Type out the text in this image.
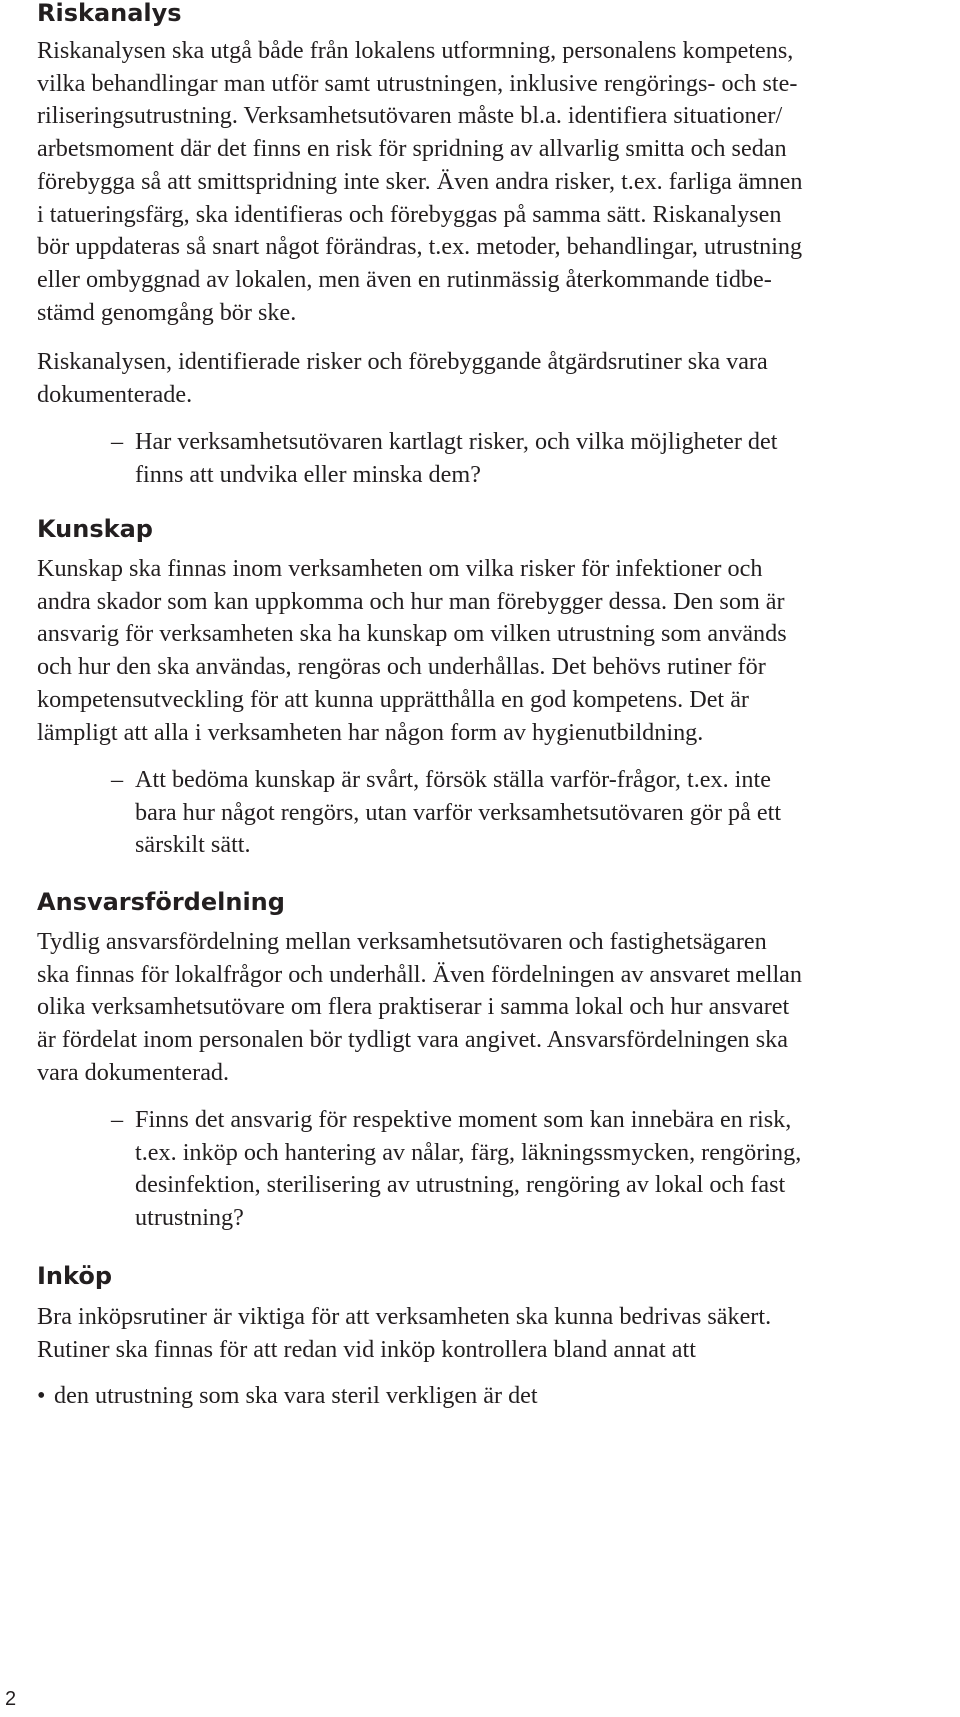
Riskanalys

Riskanalysen ska utgå både från lokalens utformning, personalens kompetens,
vilka behandlingar man utför samt utrustningen, inklusive rengörings- och ste-
riliseringsutrustning. Verksamhetsutövaren måste bl.a. identifiera situationer/
arbetsmoment där det finns en risk för spridning av allvarlig smitta och sedan
förebygga så att smittspridning inte sker. Även andra risker, t.ex. farliga ämnen
i tatueringsfärg, ska identifieras och förebyggas på samma sätt. Riskanalysen
bör uppdateras så snart något förändras, t.ex. metoder, behandlingar, utrustning
eller ombyggnad av lokalen, men även en rutinmässig återkommande tidbe-
stämd genomgång bör ske.

Riskanalysen, identifierade risker och förebyggande åtgärdsrutiner ska vara
dokumenterade.

– Har verksamhetsutövaren kartlagt risker, och vilka möjligheter det
finns att undvika eller minska dem?
Kunskap

Kunskap ska finnas inom verksamheten om vilka risker för infektioner och
andra skador som kan uppkomma och hur man förebygger dessa. Den som är
ansvarig för verksamheten ska ha kunskap om vilken utrustning som används
och hur den ska användas, rengöras och underhållas. Det behövs rutiner för
kompetensutveckling för att kunna upprätthålla en god kompetens. Det är
lämpligt att alla i verksamheten har någon form av hygienutbildning.

– Att bedöma kunskap är svårt, försök ställa varför-frågor, t.ex. inte
bara hur något rengörs, utan varför verksamhetsutövaren gör på ett
särskilt sätt.
Ansvarsfördelning

Tydlig ansvarsfördelning mellan verksamhetsutövaren och fastighetsägaren
ska finnas för lokalfrågor och underhåll. Även fördelningen av ansvaret mellan
olika verksamhetsutövare om flera praktiserar i samma lokal och hur ansvaret
är fördelat inom personalen bör tydligt vara angivet. Ansvarsfördelningen ska
vara dokumenterad.

– Finns det ansvarig för respektive moment som kan innebära en risk,
t.ex. inköp och hantering av nålar, färg, läkningssmycken, rengöring,
desinfektion, sterilisering av utrustning, rengöring av lokal och fast
utrustning?
Inköp

Bra inköpsrutiner är viktiga för att verksamheten ska kunna bedrivas säkert.
Rutiner ska finnas för att redan vid inköp kontrollera bland annat att

• den utrustning som ska vara steril verkligen är det
2
